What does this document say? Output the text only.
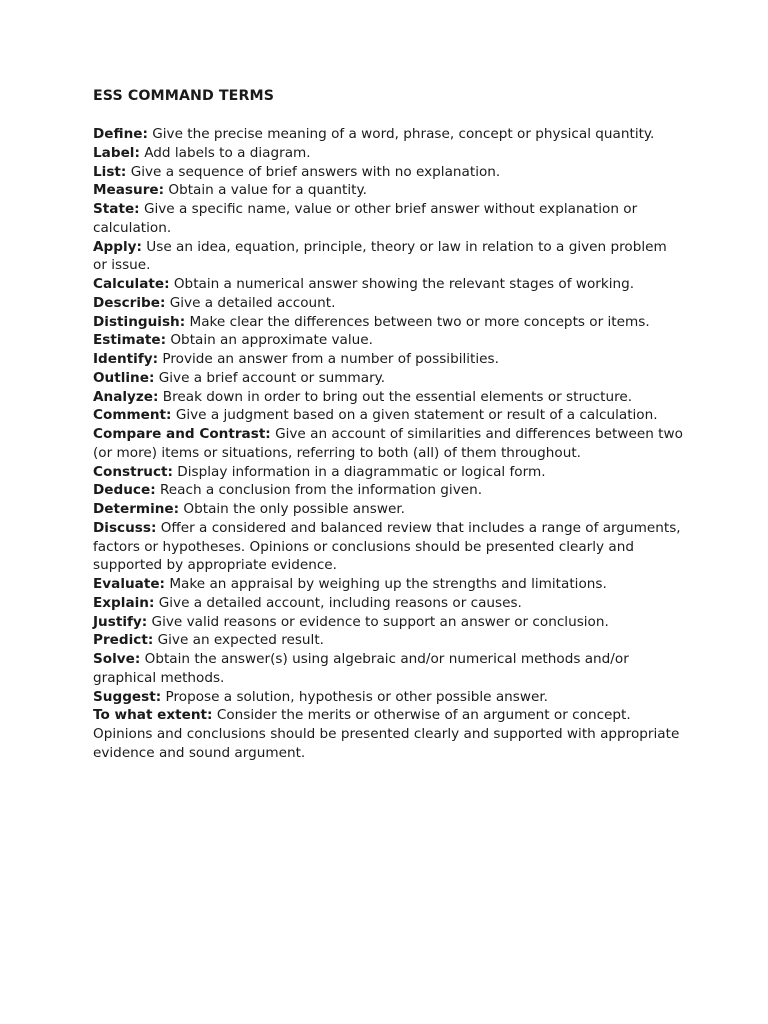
ESS COMMAND TERMS

Define: Give the precise meaning of a word, phrase, concept or physical quantity.

Label: Add labels to a diagram.

List: Give a sequence of brief answers with no explanation.

Measure: Obtain a value for a quantity.

State: Give a specific name, value or other brief answer without explanation or calculation.

Apply: Use an idea, equation, principle, theory or law in relation to a given problem or issue.

Calculate: Obtain a numerical answer showing the relevant stages of working.

Describe: Give a detailed account.

Distinguish: Make clear the differences between two or more concepts or items.

Estimate: Obtain an approximate value.

Identify: Provide an answer from a number of possibilities.

Outline: Give a brief account or summary.

Analyze: Break down in order to bring out the essential elements or structure.

Comment: Give a judgment based on a given statement or result of a calculation.

Compare and Contrast: Give an account of similarities and differences between two (or more) items or situations, referring to both (all) of them throughout.

Construct: Display information in a diagrammatic or logical form.

Deduce: Reach a conclusion from the information given.

Determine: Obtain the only possible answer.

Discuss: Offer a considered and balanced review that includes a range of arguments, factors or hypotheses. Opinions or conclusions should be presented clearly and supported by appropriate evidence.

Evaluate: Make an appraisal by weighing up the strengths and limitations.

Explain: Give a detailed account, including reasons or causes.

Justify: Give valid reasons or evidence to support an answer or conclusion.

Predict: Give an expected result.

Solve: Obtain the answer(s) using algebraic and/or numerical methods and/or graphical methods.

Suggest: Propose a solution, hypothesis or other possible answer.

To what extent: Consider the merits or otherwise of an argument or concept. Opinions and conclusions should be presented clearly and supported with appropriate evidence and sound argument.
